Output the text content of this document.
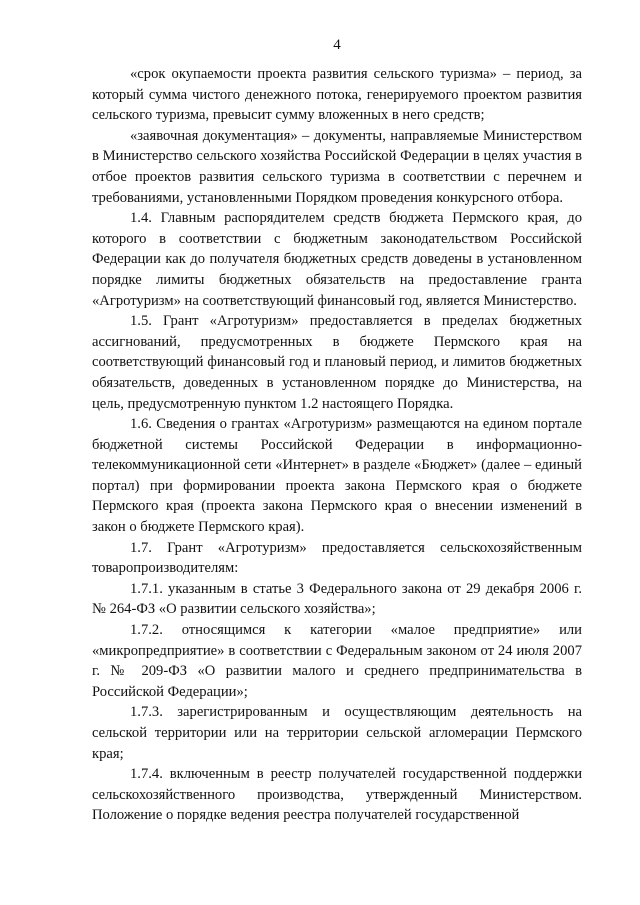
4

«срок окупаемости проекта развития сельского туризма» – период, за который сумма чистого денежного потока, генерируемого проектом развития сельского туризма, превысит сумму вложенных в него средств;

«заявочная документация» – документы, направляемые Министерством в Министерство сельского хозяйства Российской Федерации в целях участия в отбое проектов развития сельского туризма в соответствии с перечнем и требованиями, установленными Порядком проведения конкурсного отбора.

1.4. Главным распорядителем средств бюджета Пермского края, до которого в соответствии с бюджетным законодательством Российской Федерации как до получателя бюджетных средств доведены в установленном порядке лимиты бюджетных обязательств на предоставление гранта «Агротуризм» на соответствующий финансовый год, является Министерство.

1.5. Грант «Агротуризм» предоставляется в пределах бюджетных ассигнований, предусмотренных в бюджете Пермского края на соответствующий финансовый год и плановый период, и лимитов бюджетных обязательств, доведенных в установленном порядке до Министерства, на цель, предусмотренную пунктом 1.2 настоящего Порядка.

1.6. Сведения о грантах «Агротуризм» размещаются на едином портале бюджетной системы Российской Федерации в информационно-телекоммуникационной сети «Интернет» в разделе «Бюджет» (далее – единый портал) при формировании проекта закона Пермского края о бюджете Пермского края (проекта закона Пермского края о внесении изменений в закон о бюджете Пермского края).

1.7. Грант «Агротуризм» предоставляется сельскохозяйственным товаропроизводителям:

1.7.1. указанным в статье 3 Федерального закона от 29 декабря 2006 г. № 264-ФЗ «О развитии сельского хозяйства»;

1.7.2. относящимся к категории «малое предприятие» или «микропредприятие» в соответствии с Федеральным законом от 24 июля 2007 г. № 209-ФЗ «О развитии малого и среднего предпринимательства в Российской Федерации»;

1.7.3. зарегистрированным и осуществляющим деятельность на сельской территории или на территории сельской агломерации Пермского края;

1.7.4. включенным в реестр получателей государственной поддержки сельскохозяйственного производства, утвержденный Министерством. Положение о порядке ведения реестра получателей государственной
